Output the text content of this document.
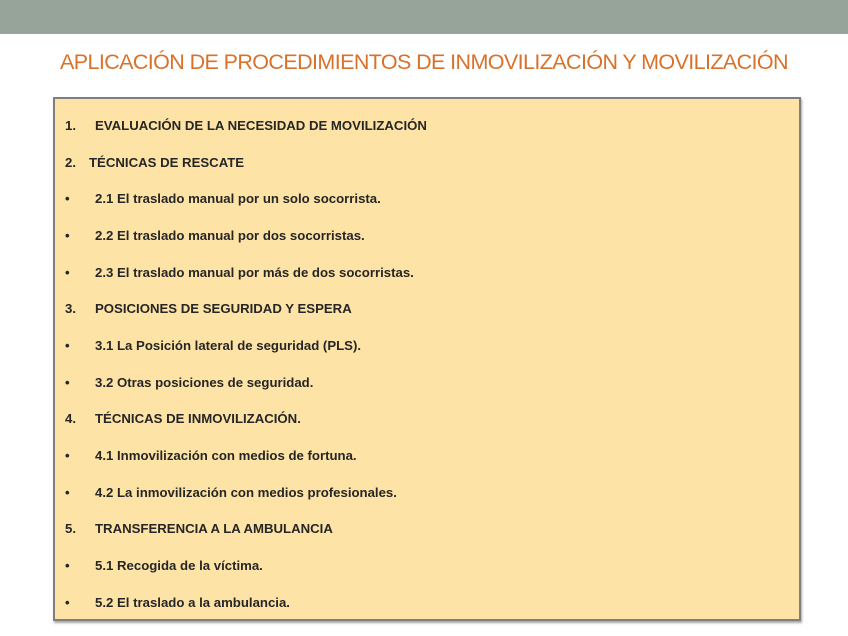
APLICACIÓN DE PROCEDIMIENTOS DE INMOVILIZACIÓN Y MOVILIZACIÓN
1. EVALUACIÓN DE LA NECESIDAD DE MOVILIZACIÓN
2. TÉCNICAS DE RESCATE
• 2.1 El traslado manual por un solo socorrista.
• 2.2 El traslado manual por dos socorristas.
• 2.3 El traslado manual por más de dos socorristas.
3. POSICIONES DE SEGURIDAD Y ESPERA
• 3.1 La Posición lateral de seguridad (PLS).
• 3.2 Otras posiciones de seguridad.
4. TÉCNICAS DE INMOVILIZACIÓN.
• 4.1 Inmovilización con medios de fortuna.
• 4.2 La inmovilización con medios profesionales.
5. TRANSFERENCIA A LA AMBULANCIA
• 5.1 Recogida de la víctima.
• 5.2 El traslado a la ambulancia.
